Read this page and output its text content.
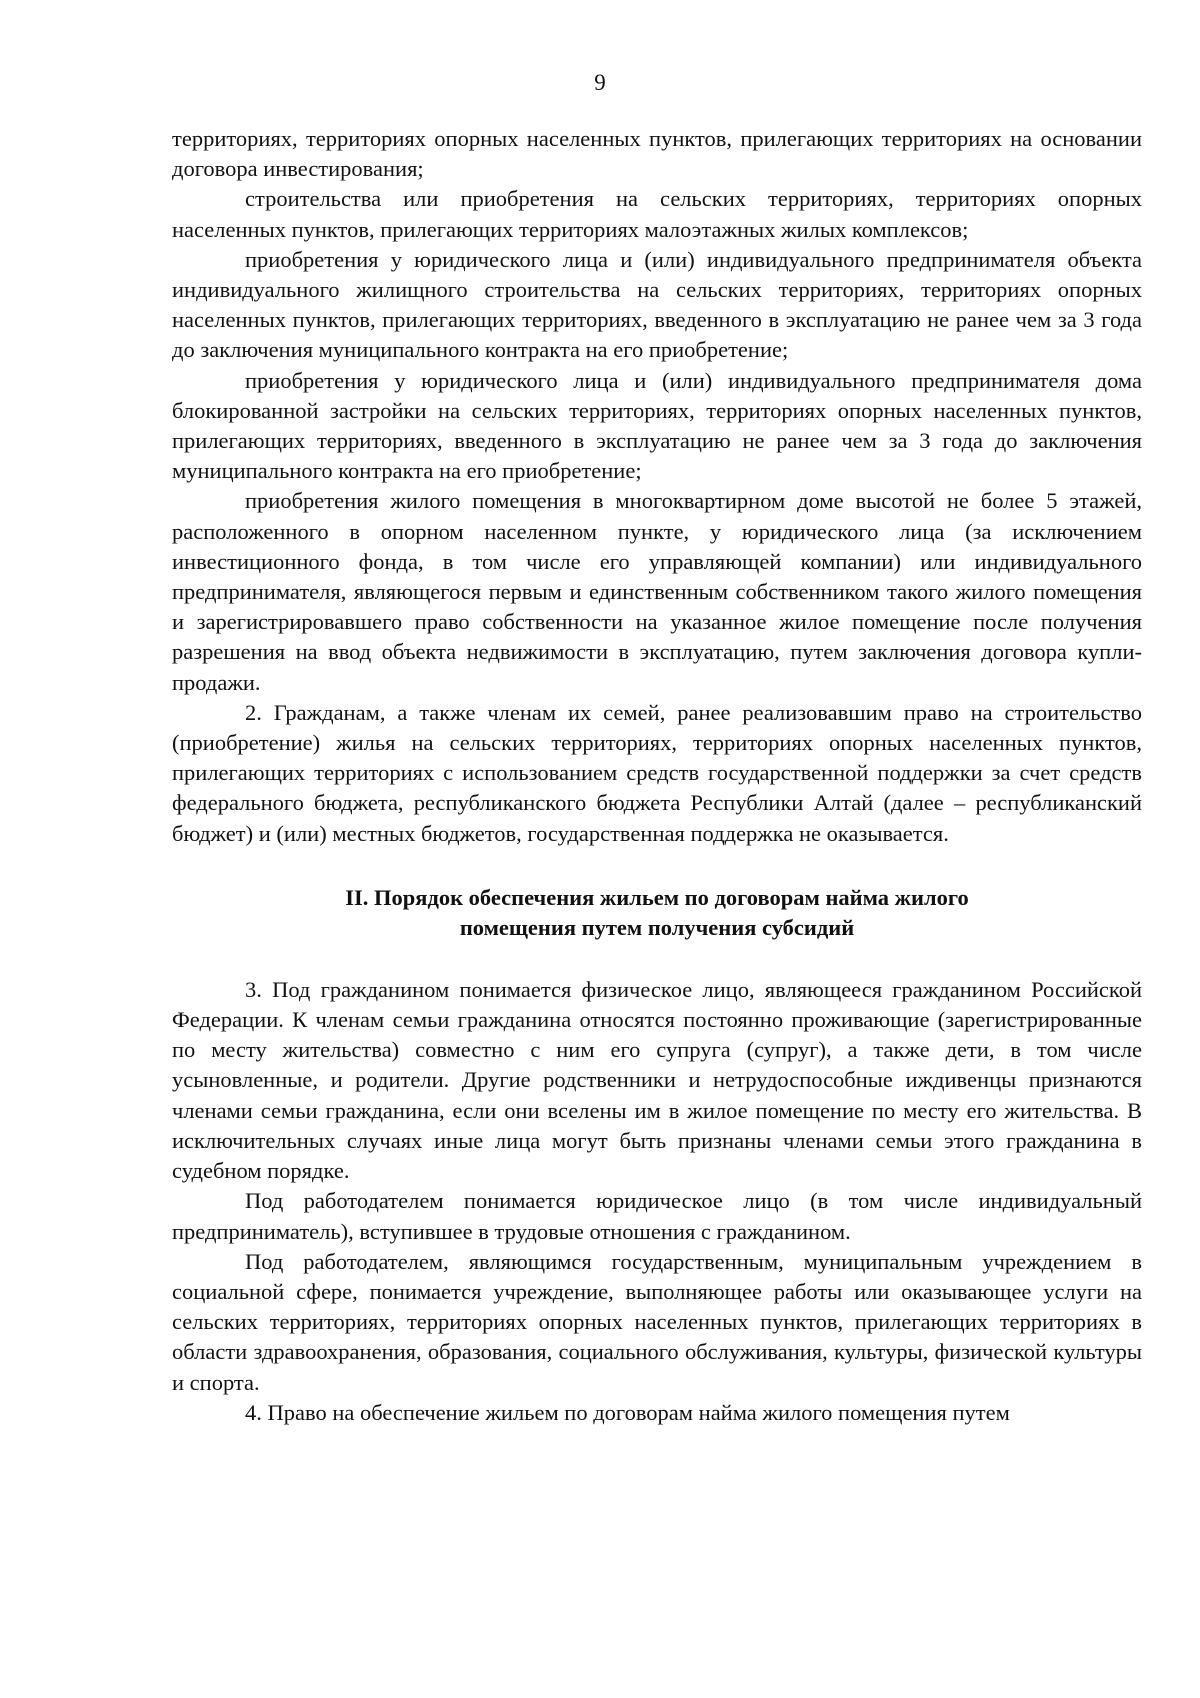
9

территориях, территориях опорных населенных пунктов, прилегающих территориях на основании договора инвестирования;

строительства или приобретения на сельских территориях, территориях опорных населенных пунктов, прилегающих территориях малоэтажных жилых комплексов;

приобретения у юридического лица и (или) индивидуального предпринимателя объекта индивидуального жилищного строительства на сельских территориях, территориях опорных населенных пунктов, прилегающих территориях, введенного в эксплуатацию не ранее чем за 3 года до заключения муниципального контракта на его приобретение;

приобретения у юридического лица и (или) индивидуального предпринимателя дома блокированной застройки на сельских территориях, территориях опорных населенных пунктов, прилегающих территориях, введенного в эксплуатацию не ранее чем за 3 года до заключения муниципального контракта на его приобретение;

приобретения жилого помещения в многоквартирном доме высотой не более 5 этажей, расположенного в опорном населенном пункте, у юридического лица (за исключением инвестиционного фонда, в том числе его управляющей компании) или индивидуального предпринимателя, являющегося первым и единственным собственником такого жилого помещения и зарегистрировавшего право собственности на указанное жилое помещение после получения разрешения на ввод объекта недвижимости в эксплуатацию, путем заключения договора купли-продажи.

2. Гражданам, а также членам их семей, ранее реализовавшим право на строительство (приобретение) жилья на сельских территориях, территориях опорных населенных пунктов, прилегающих территориях с использованием средств государственной поддержки за счет средств федерального бюджета, республиканского бюджета Республики Алтай (далее – республиканский бюджет) и (или) местных бюджетов, государственная поддержка не оказывается.

II. Порядок обеспечения жильем по договорам найма жилого
помещения путем получения субсидий

3. Под гражданином понимается физическое лицо, являющееся гражданином Российской Федерации. К членам семьи гражданина относятся постоянно проживающие (зарегистрированные по месту жительства) совместно с ним его супруга (супруг), а также дети, в том числе усыновленные, и родители. Другие родственники и нетрудоспособные иждивенцы признаются членами семьи гражданина, если они вселены им в жилое помещение по месту его жительства. В исключительных случаях иные лица могут быть признаны членами семьи этого гражданина в судебном порядке.

Под работодателем понимается юридическое лицо (в том числе индивидуальный предприниматель), вступившее в трудовые отношения с гражданином.

Под работодателем, являющимся государственным, муниципальным учреждением в социальной сфере, понимается учреждение, выполняющее работы или оказывающее услуги на сельских территориях, территориях опорных населенных пунктов, прилегающих территориях в области здравоохранения, образования, социального обслуживания, культуры, физической культуры и спорта.

4. Право на обеспечение жильем по договорам найма жилого помещения путем
